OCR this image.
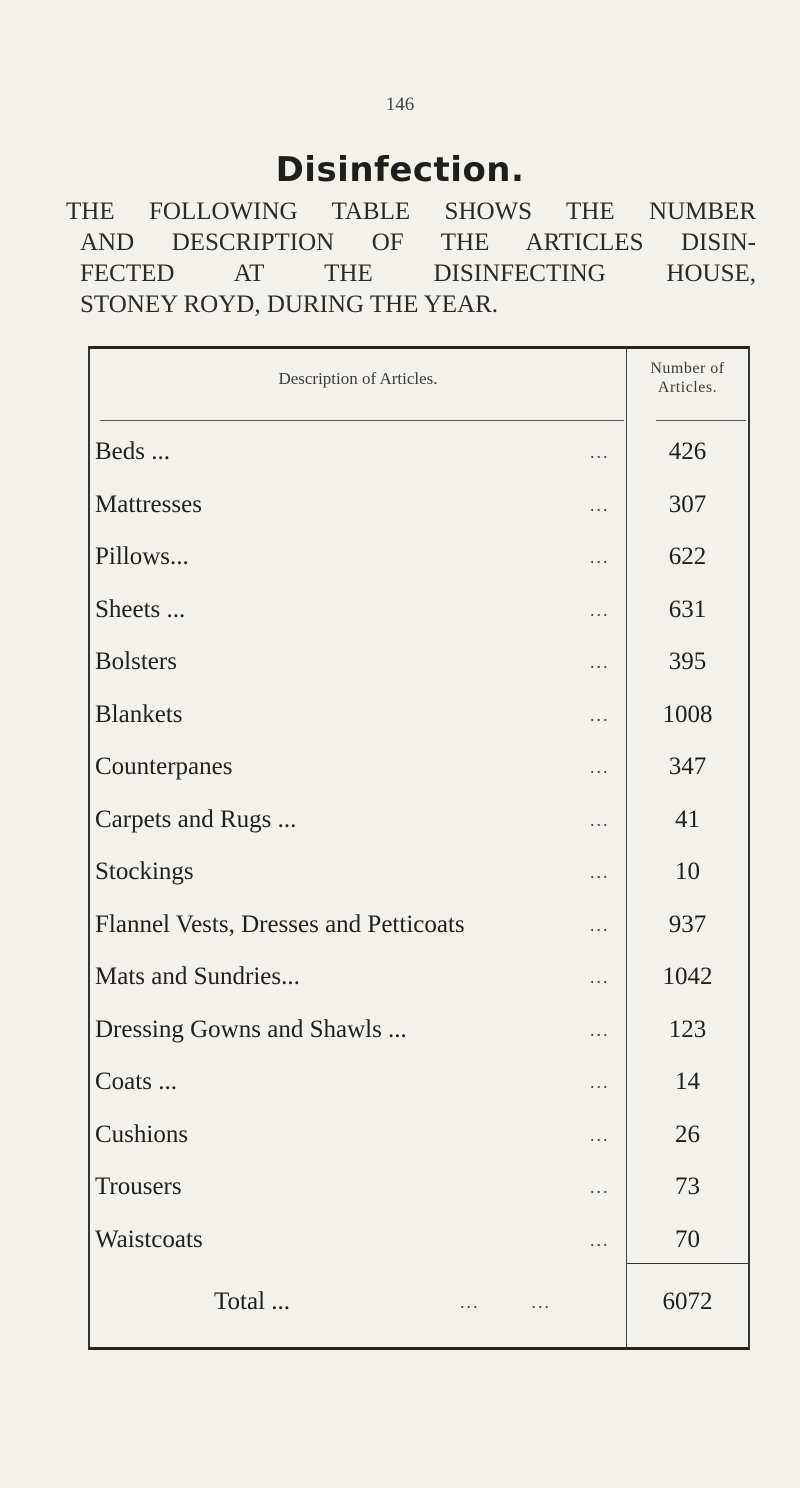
146
Disinfection.
THE FOLLOWING TABLE SHOWS THE NUMBER
AND DESCRIPTION OF THE ARTICLES DISIN-
FECTED AT THE DISINFECTING HOUSE,
STONEY ROYD, DURING THE YEAR.
Description of Articles.
Number of
Articles.
Beds ...	...	426
Mattresses	...	307
Pillows...	...	622
Sheets ...	...	631
Bolsters	...	395
Blankets	...	1008
Counterpanes	...	347
Carpets and Rugs ...	...	41
Stockings	...	10
Flannel Vests, Dresses and Petticoats	...	937
Mats and Sundries...	...	1042
Dressing Gowns and Shawls ...	...	123
Coats ...	...	14
Cushions	...	26
Trousers	...	73
Waistcoats	...	70
Total ...	...        ...	6072
